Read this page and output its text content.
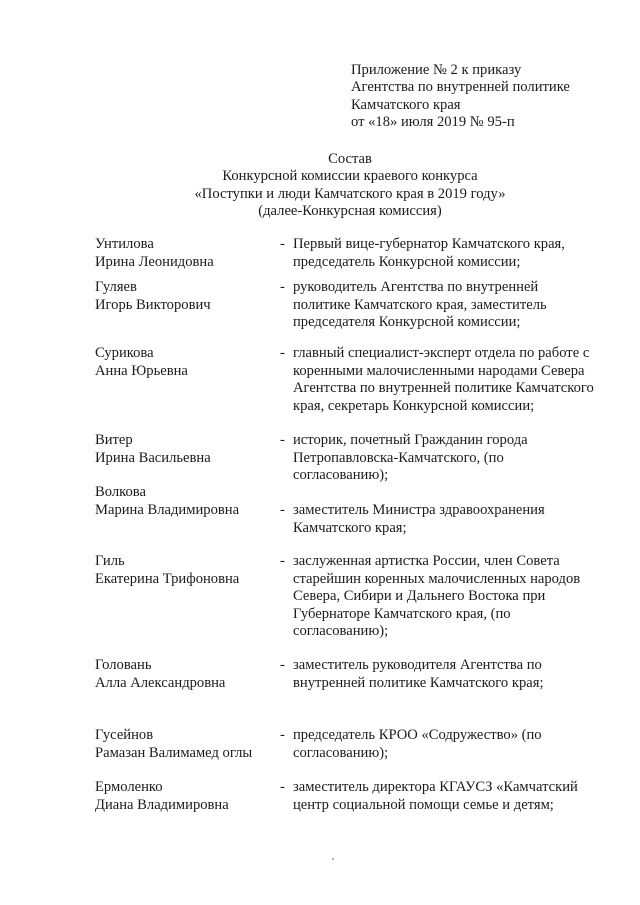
Приложение № 2 к приказу
Агентства по внутренней политике
Камчатского края
от «18» июля 2019 № 95-п
Состав
Конкурсной комиссии краевого конкурса
«Поступки и люди Камчатского края в 2019 году»
(далее-Конкурсная комиссия)
Унтилова
Ирина Леонидовна
- Первый вице-губернатор Камчатского края,
председатель Конкурсной комиссии;
Гуляев
Игорь Викторович
- руководитель Агентства по внутренней
политике Камчатского края, заместитель
председателя Конкурсной комиссии;
Сурикова
Анна Юрьевна
- главный специалист-эксперт отдела по работе с
коренными малочисленными народами Севера
Агентства по внутренней политике Камчатского
края, секретарь Конкурсной комиссии;
Витер
Ирина Васильевна
- историк, почетный Гражданин города
Петропавловска-Камчатского, (по
согласованию);
Волкова
Марина Владимировна	- заместитель Министра здравоохранения
Камчатского края;
Гиль
Екатерина Трифоновна
- заслуженная артистка России, член Совета
старейшин коренных малочисленных народов
Севера, Сибири и Дальнего Востока при
Губернаторе Камчатского края, (по
согласованию);
Головань
Алла Александровна
- заместитель руководителя Агентства по
внутренней политике Камчатского края;
Гусейнов
Рамазан Валимамед оглы
- председатель КРОО «Содружество» (по
согласованию);
Ермоленко
Диана Владимировна
- заместитель директора КГАУСЗ «Камчатский
центр социальной помощи семье и детям;
